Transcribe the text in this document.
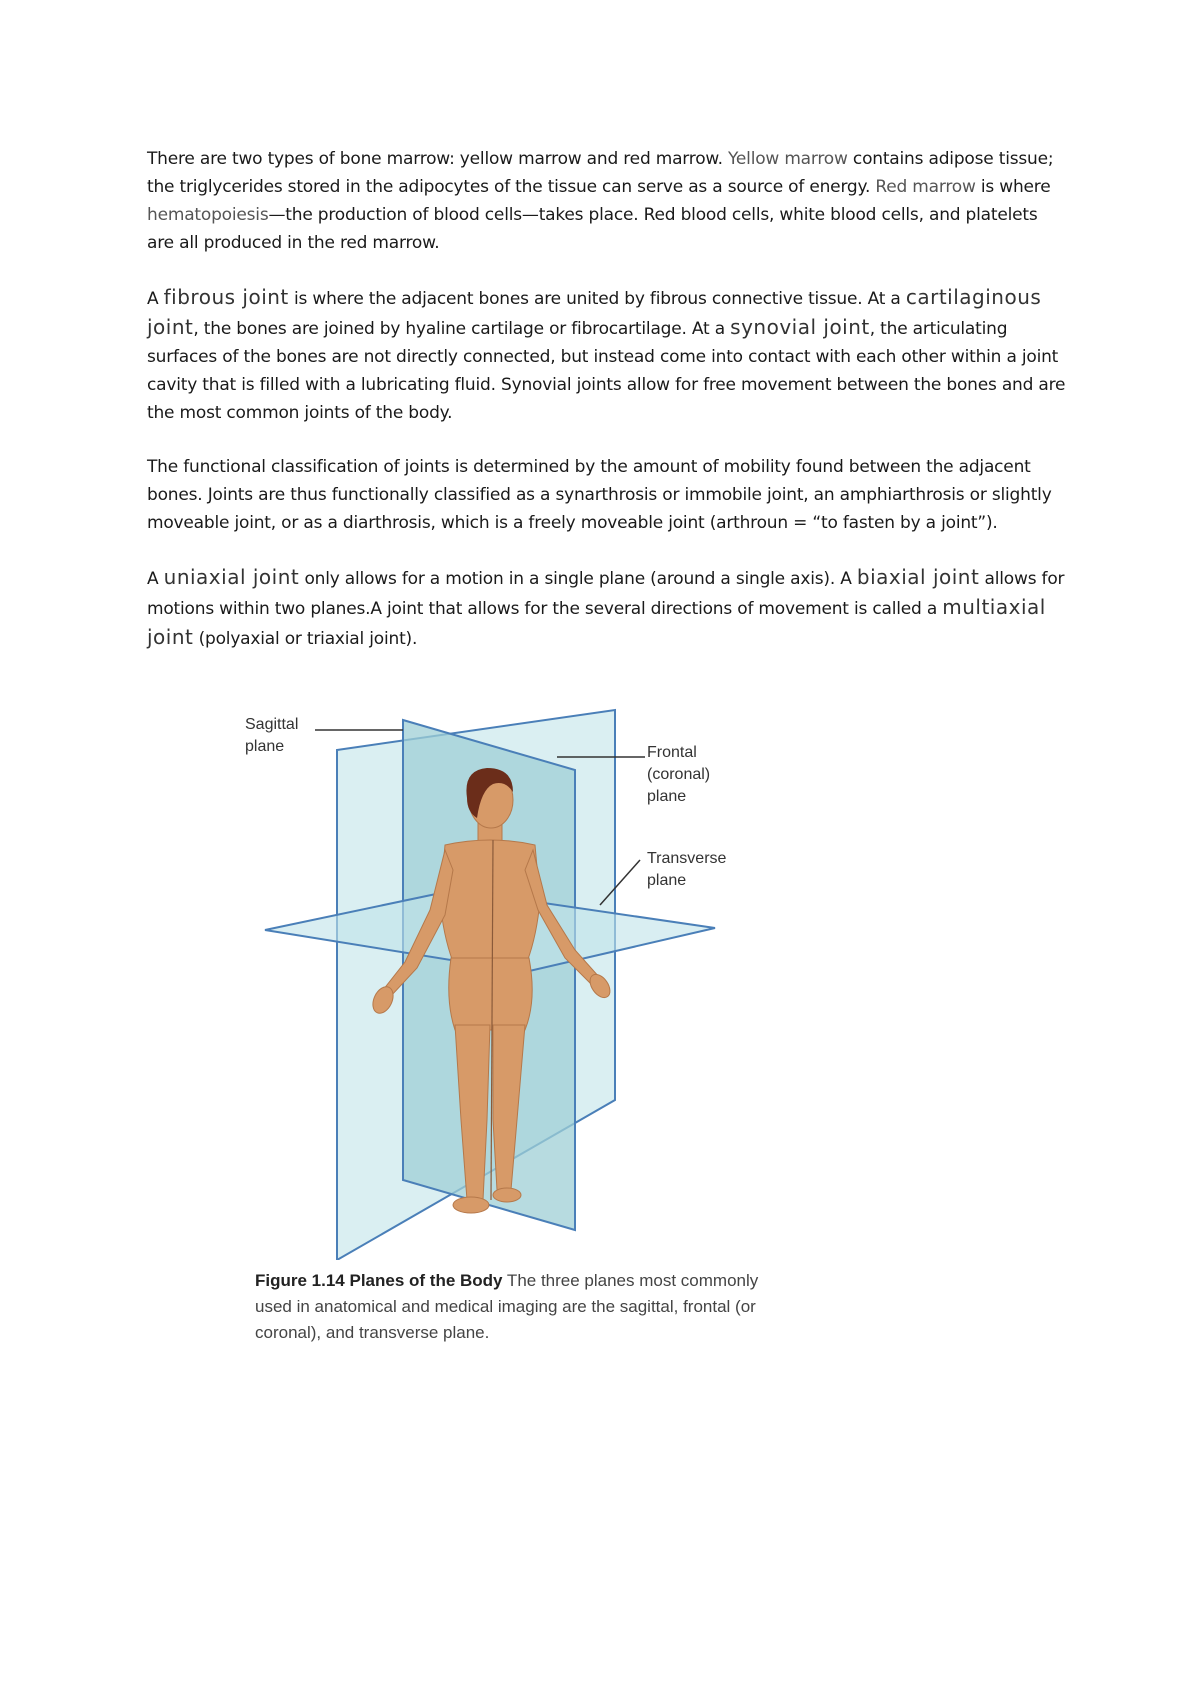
There are two types of bone marrow: yellow marrow and red marrow. Yellow marrow contains adipose tissue; the triglycerides stored in the adipocytes of the tissue can serve as a source of energy. Red marrow is where hematopoiesis—the production of blood cells—takes place. Red blood cells, white blood cells, and platelets are all produced in the red marrow.

A fibrous joint is where the adjacent bones are united by fibrous connective tissue. At a cartilaginous joint, the bones are joined by hyaline cartilage or fibrocartilage. At a synovial joint, the articulating surfaces of the bones are not directly connected, but instead come into contact with each other within a joint cavity that is filled with a lubricating fluid. Synovial joints allow for free movement between the bones and are the most common joints of the body.

The functional classification of joints is determined by the amount of mobility found between the adjacent bones. Joints are thus functionally classified as a synarthrosis or immobile joint, an amphiarthrosis or slightly moveable joint, or as a diarthrosis, which is a freely moveable joint (arthroun = “to fasten by a joint”).

A uniaxial joint only allows for a motion in a single plane (around a single axis). A biaxial joint allows for motions within two planes.A joint that allows for the several directions of movement is called a multiaxial joint (polyaxial or triaxial joint).

Sagittal
plane	Frontal
(coronal)
plane
Transverse
plane
Figure 1.14 Planes of the Body The three planes most commonly used in anatomical and medical imaging are the sagittal, frontal (or coronal), and transverse plane.
